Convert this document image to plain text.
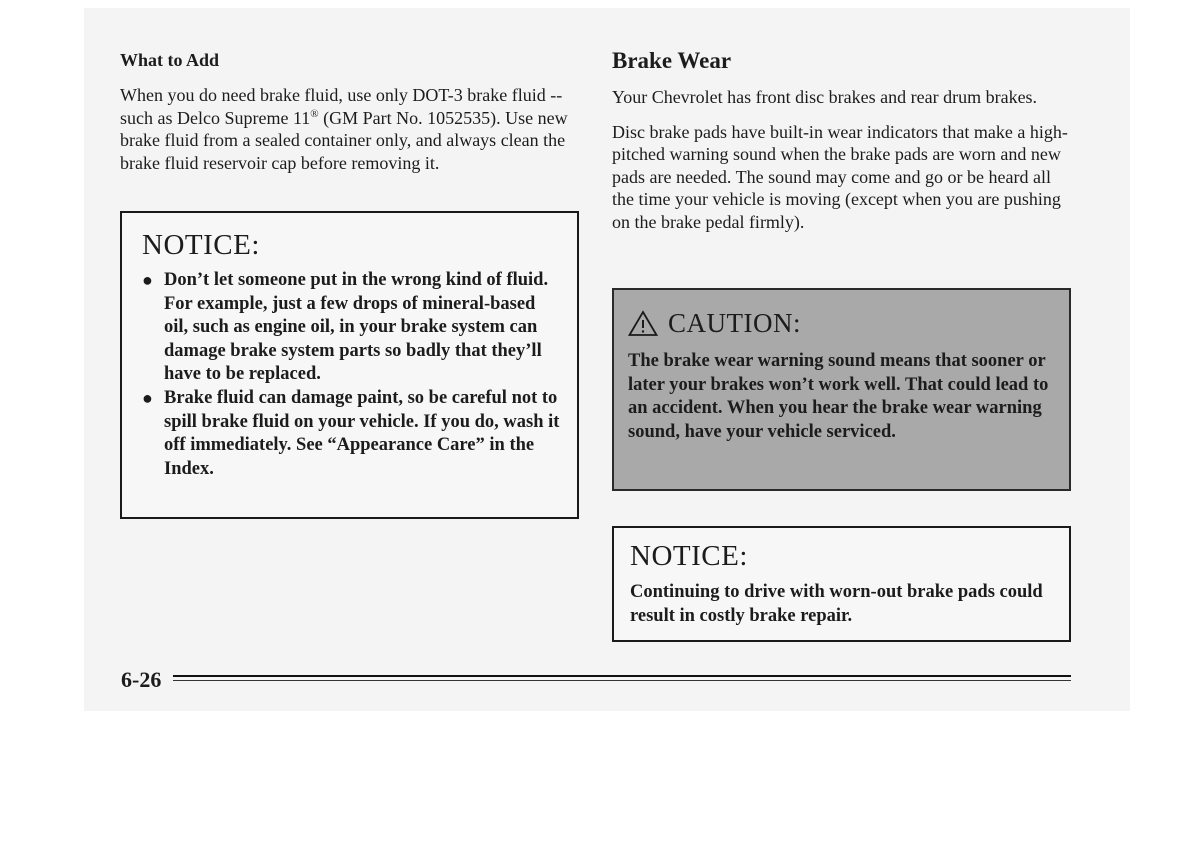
What to Add

When you do need brake fluid, use only DOT-3 brake fluid -- such as Delco Supreme 11® (GM Part No. 1052535). Use new brake fluid from a sealed container only, and always clean the brake fluid reservoir cap before removing it.

NOTICE:
● Don’t let someone put in the wrong kind of fluid. For example, just a few drops of mineral-based oil, such as engine oil, in your brake system can damage brake system parts so badly that they’ll have to be replaced.
● Brake fluid can damage paint, so be careful not to spill brake fluid on your vehicle. If you do, wash it off immediately. See “Appearance Care” in the Index.
Brake Wear

Your Chevrolet has front disc brakes and rear drum brakes.

Disc brake pads have built-in wear indicators that make a high-pitched warning sound when the brake pads are worn and new pads are needed. The sound may come and go or be heard all the time your vehicle is moving (except when you are pushing on the brake pedal firmly).

CAUTION:
The brake wear warning sound means that sooner or later your brakes won’t work well. That could lead to an accident. When you hear the brake wear warning sound, have your vehicle serviced.
NOTICE:
Continuing to drive with worn-out brake pads could result in costly brake repair.
6-26
